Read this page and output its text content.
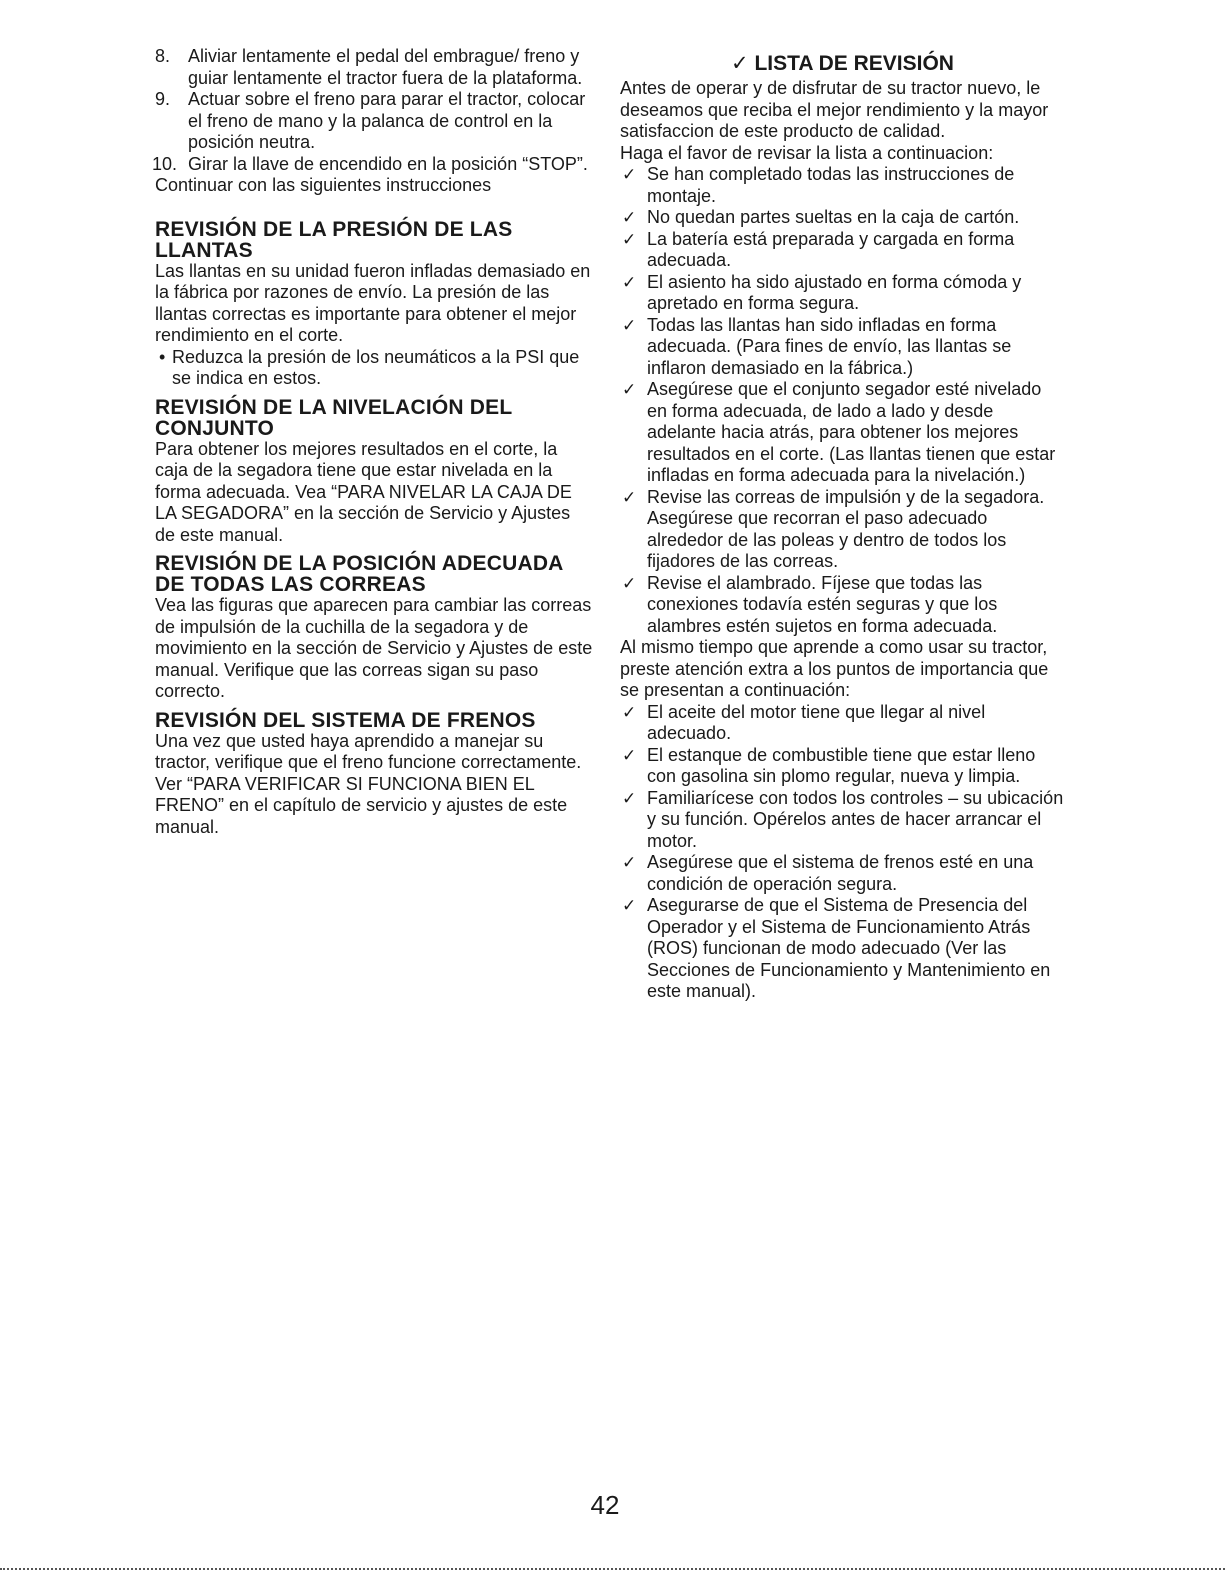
8. Aliviar lentamente el pedal del embrague/ freno y guiar lentamente el tractor fuera de la plataforma.
9. Actuar sobre el freno para parar el tractor, colocar el freno de mano y la palanca de control en la posición neutra.
10. Girar la llave de encendido en la posición “STOP”.

Continuar con las siguientes instrucciones

REVISIÓN DE LA PRESIÓN DE LAS LLANTAS

Las llantas en su unidad fueron infladas demasiado en la fábrica por razones de envío. La presión de las llantas correctas es importante para obtener el mejor rendimiento en el corte.

• Reduzca la presión de los neumáticos a la PSI que se indica en estos.
REVISIÓN DE LA NIVELACIÓN DEL CONJUNTO

Para obtener los mejores resultados en el corte, la caja de la segadora tiene que estar nivelada en la forma adecuada. Vea “PARA NIVELAR LA CAJA DE LA SEGADORA” en la sección de Servicio y Ajustes de este manual.

REVISIÓN DE LA POSICIÓN ADECUADA DE TODAS LAS CORREAS

Vea las figuras que aparecen para cambiar las correas de impulsión de la cuchilla de la segadora y de movimiento en la sección de Servicio y Ajustes de este manual. Verifique que las correas sigan su paso correcto.

REVISIÓN DEL SISTEMA DE FRENOS

Una vez que usted haya aprendido a manejar su tractor, verifique que el freno funcione correctamente. Ver “PARA VERIFICAR SI FUNCIONA BIEN EL FRENO” en el capítulo de servicio y ajustes de este manual.

✓ LISTA DE REVISIÓN

Antes de operar y de disfrutar de su tractor nuevo, le deseamos que reciba el mejor rendimiento y la mayor satisfaccion de este producto de calidad.

Haga el favor de revisar la lista a continuacion:

✓ Se han completado todas las instrucciones de montaje.
✓ No quedan partes sueltas en la caja de cartón.
✓ La batería está preparada y cargada en forma adecuada.
✓ El asiento ha sido ajustado en forma cómoda y apretado en forma segura.
✓ Todas las llantas han sido infladas en forma adecuada. (Para fines de envío, las llantas se inflaron demasiado en la fábrica.)
✓ Asegúrese que el conjunto segador esté nivelado en forma adecuada, de lado a lado y desde adelante hacia atrás, para obtener los mejores resultados en el corte. (Las llantas tienen que estar infladas en forma adecuada para la nivelación.)
✓ Revise las correas de impulsión y de la segadora. Asegúrese que recorran el paso adecuado alrededor de las poleas y dentro de todos los fijadores de las correas.
✓ Revise el alambrado. Fíjese que todas las conexiones todavía estén seguras y que los alambres estén sujetos en forma adecuada.

Al mismo tiempo que aprende a como usar su tractor, preste atención extra a los puntos de importancia que se presentan a continuación:

✓ El aceite del motor tiene que llegar al nivel adecuado.
✓ El estanque de combustible tiene que estar lleno con gasolina sin plomo regular, nueva y limpia.
✓ Familiarícese con todos los controles – su ubicación y su función. Opérelos antes de hacer arrancar el motor.
✓ Asegúrese que el sistema de frenos esté en una condición de operación segura.
✓ Asegurarse de que el Sistema de Presencia del Operador y el Sistema de Funcionamiento Atrás (ROS) funcionan de modo adecuado (Ver las Secciones de Funcionamiento y Mantenimiento en este manual).
42
